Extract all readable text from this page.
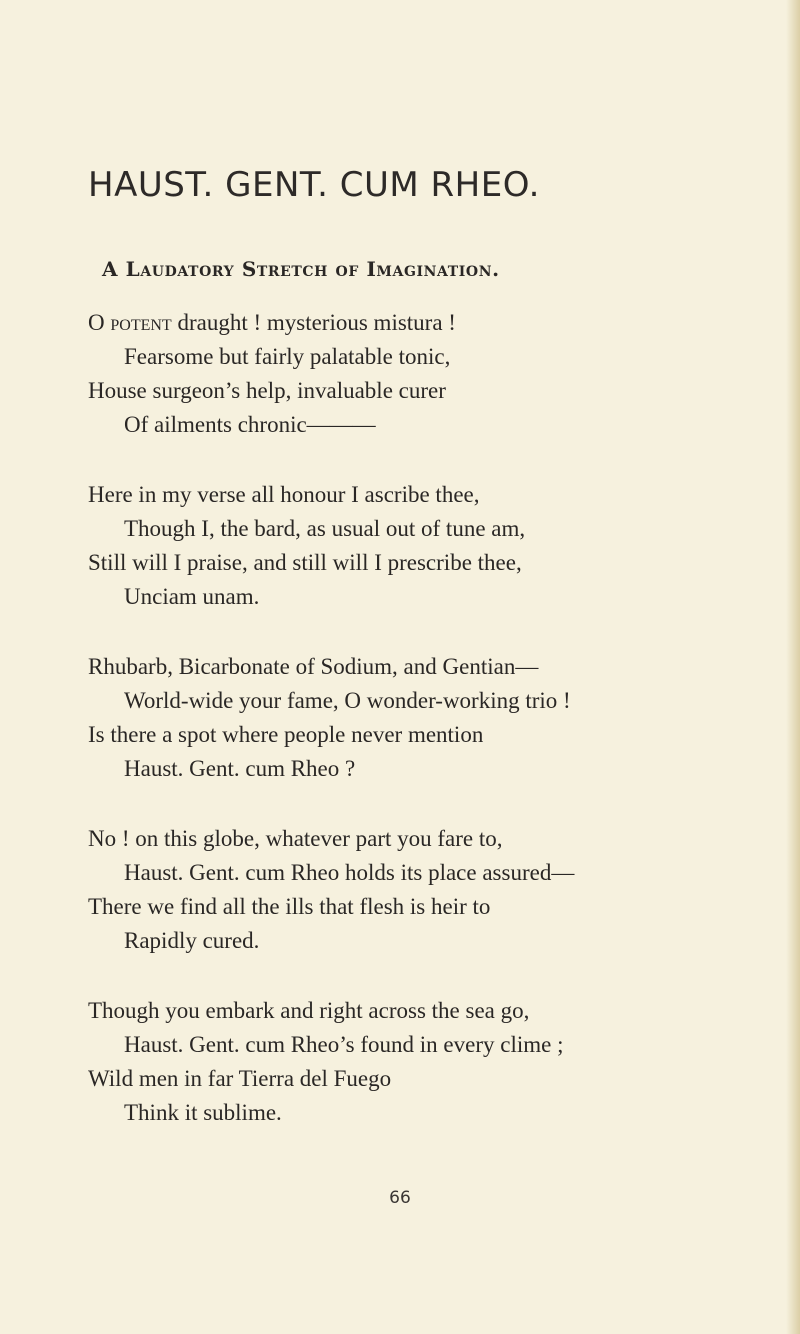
HAUST. GENT. CUM RHEO.
A Laudatory Stretch of Imagination.
O potent draught ! mysterious mistura !
Fearsome but fairly palatable tonic,
House surgeon’s help, invaluable curer
Of ailments chronic———
Here in my verse all honour I ascribe thee,
Though I, the bard, as usual out of tune am,
Still will I praise, and still will I prescribe thee,
Unciam unam.
Rhubarb, Bicarbonate of Sodium, and Gentian—
World-wide your fame, O wonder-working trio !
Is there a spot where people never mention
Haust. Gent. cum Rheo ?
No ! on this globe, whatever part you fare to,
Haust. Gent. cum Rheo holds its place assured—
There we find all the ills that flesh is heir to
Rapidly cured.
Though you embark and right across the sea go,
Haust. Gent. cum Rheo’s found in every clime ;
Wild men in far Tierra del Fuego
Think it sublime.
66
